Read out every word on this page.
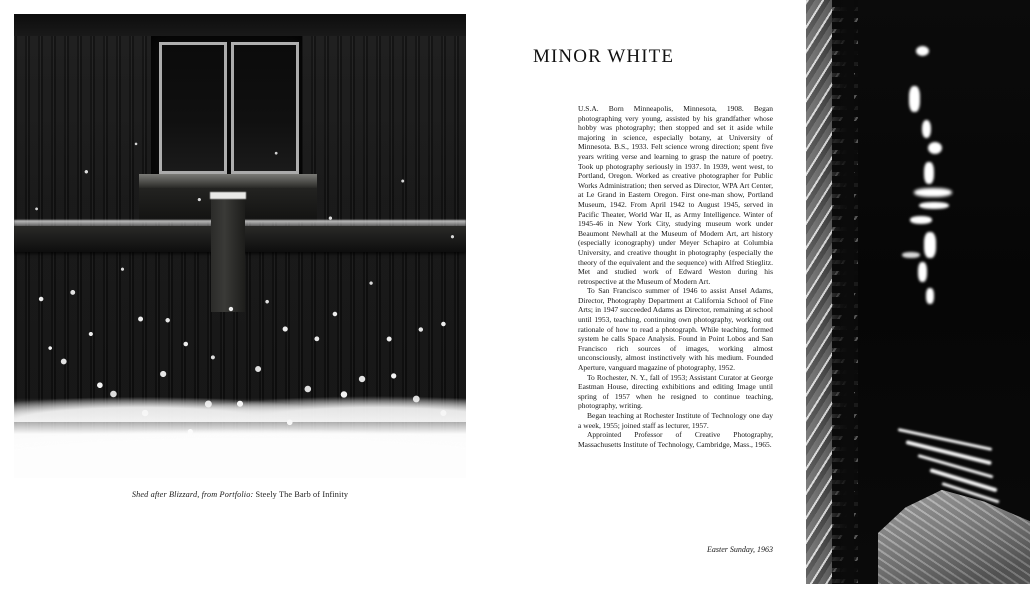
Shed after Blizzard, from Portfolio: Steely The Barb of Infinity
MINOR WHITE

U.S.A. Born Minneapolis, Minnesota, 1908. Began photographing very young, assisted by his grandfather whose hobby was photography; then stopped and set it aside while majoring in science, especially botany, at University of Minnesota. B.S., 1933. Felt science wrong direction; spent five years writing verse and learning to grasp the nature of poetry. Took up photography seriously in 1937. In 1939, went west, to Portland, Oregon. Worked as creative photographer for Public Works Administration; then served as Director, WPA Art Center, at Le Grand in Eastern Oregon. First one-man show, Portland Museum, 1942. From April 1942 to August 1945, served in Pacific Theater, World War II, as Army Intelligence. Winter of 1945-46 in New York City, studying museum work under Beaumont Newhall at the Museum of Modern Art, art history (especially iconography) under Meyer Schapiro at Columbia University, and creative thought in photography (especially the theory of the equivalent and the sequence) with Alfred Stieglitz. Met and studied work of Edward Weston during his retrospective at the Museum of Modern Art.

To San Francisco summer of 1946 to assist Ansel Adams, Director, Photography Department at California School of Fine Arts; in 1947 succeeded Adams as Director, remaining at school until 1953, teaching, continuing own photography, working out rationale of how to read a photograph. While teaching, formed system he calls Space Analysis. Found in Point Lobos and San Francisco rich sources of images, working almost unconsciously, almost instinctively with his medium. Founded Aperture, vanguard magazine of photography, 1952.

To Rochester, N. Y., fall of 1953; Assistant Curator at George Eastman House, directing exhibitions and editing Image until spring of 1957 when he resigned to continue teaching, photography, writing.

Began teaching at Rochester Institute of Technology one day a week, 1955; joined staff as lecturer, 1957.

Approinted Professor of Creative Photography, Massachusetts Institute of Technology, Cambridge, Mass., 1965.

Easter Sunday, 1963
